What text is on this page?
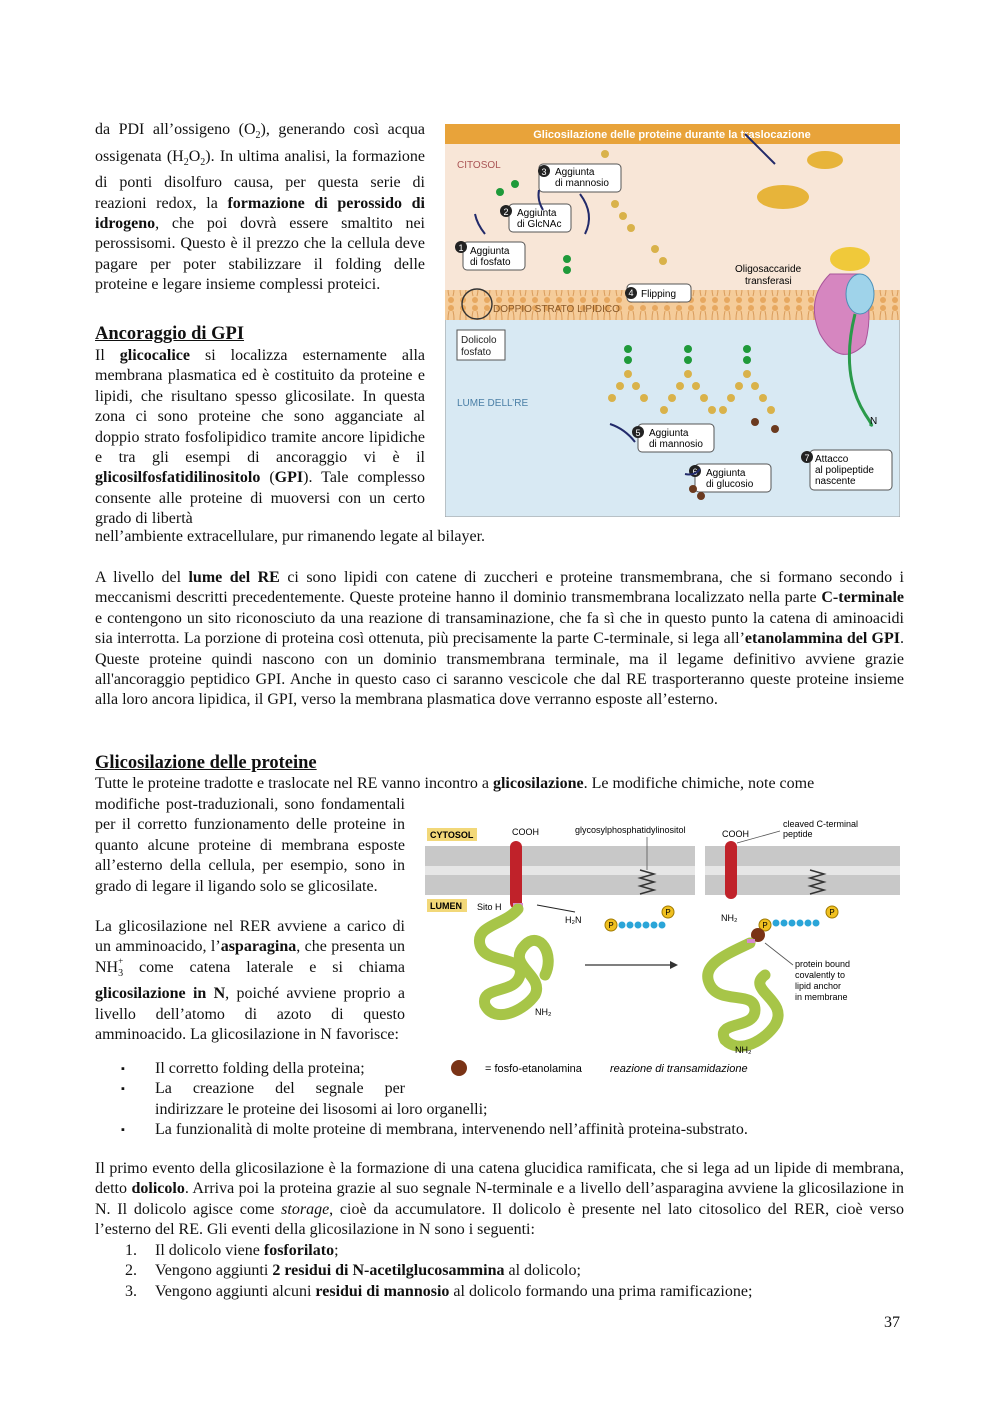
da PDI all’ossigeno $(O_2)$, generando così acqua ossigenata $(H_2O_2)$. In ultima analisi, la formazione di ponti disolfuro causa, per questa serie di reazioni redox, la formazione di perossido di idrogeno, che poi dovrà essere smaltito nei perossisomi. Questo è il prezzo che la cellula deve pagare per poter stabilizzare il folding delle proteine e legare insieme complessi proteici.
Ancoraggio di GPI
Il glicocalice si localizza esternamente alla membrana plasmatica ed è costituito da proteine e lipidi, che risultano spesso glicosilate. In questa zona ci sono proteine che sono agganciate al doppio strato fosfolipidico tramite ancore lipidiche e tra gli esempi di ancoraggio vi è il glicosilfosfatidilinositolo (GPI). Tale complesso consente alle proteine di muoversi con un certo grado di libertà
nell’ambiente extracellulare, pur rimanendo legate al bilayer.
A livello del lume del RE ci sono lipidi con catene di zuccheri e proteine transmembrana, che si formano secondo i meccanismi descritti precedentemente. Queste proteine hanno il dominio transmembrana localizzato nella parte C-terminale e contengono un sito riconosciuto da una reazione di transaminazione, che fa sì che in questo punto la catena di aminoacidi sia interrotta. La porzione di proteina così ottenuta, più precisamente la parte C-terminale, si lega all’etanolammina del GPI. Queste proteine quindi nascono con un dominio transmembrana terminale, ma il legame definitivo avviene grazie all'ancoraggio peptidico GPI. Anche in questo caso ci saranno vescicole che dal RE trasporteranno queste proteine insieme alla loro ancora lipidica, il GPI, verso la membrana plasmatica dove verranno esposte all’esterno.
Glicosilazione delle proteine
Tutte le proteine tradotte e traslocate nel RE vanno incontro a glicosilazione. Le modifiche chimiche, note come
modifiche post-traduzionali, sono fondamentali per il corretto funzionamento delle proteine in quanto alcune proteine di membrana esposte all’esterno della cellula, per esempio, sono in grado di legare il ligando solo se glicosilate.
La glicosilazione nel RER avviene a carico di un amminoacido, l’asparagina, che presenta un $NH_3$
+ come catena laterale e si chiama glicosilazione in N, poiché avviene proprio a livello dell’atomo di azoto di questo amminoacido. La glicosilazione in N favorisce:
▪ Il corretto folding della proteina;
▪ La creazione del segnale per
indirizzare le proteine dei lisosomi ai loro organelli;
▪ La funzionalità di molte proteine di membrana, intervenendo nell’affinità proteina-substrato.
Il primo evento della glicosilazione è la formazione di una catena glucidica ramificata, che si lega ad un lipide di membrana, detto dolicolo. Arriva poi la proteina grazie al suo segnale N-terminale e a livello dell’asparagina avviene la glicosilazione in N. Il dolicolo agisce come storage, cioè da accumulatore. Il dolicolo è presente nel lato citosolico del RER, cioè verso l’esterno del RE. Gli eventi della glicosilazione in N sono i seguenti:
1. Il dolicolo viene fosforilato;
2. Vengono aggiunti 2 residui di N-acetilglucosammina al dolicolo;
3. Vengono aggiunti alcuni residui di mannosio al dolicolo formando una prima ramificazione;
37
Glicosilazione delle proteine durante la traslocazione
CITOSOL
LUME DELL’RE
DOPPIO STRATO LIPIDICO
Dolicolo
fosfato
1 Aggiunta
di fosfato
2 Aggiunta
di GlcNAc
3 Aggiunta
di mannosio
4 Flipping
5 Aggiunta
di mannosio
6 Aggiunta
di glucosio
7 Attacco
al polipeptide
nascente
Oligosaccaride
transferasi
N
CYTOSOL
LUMEN
COOH	COOH
glycosylphosphatidylinositol
cleaved C-terminal
peptide
Sito H
P
P
H₂N
P
P
NH₂
NH₂
NH₂
protein bound
covalently to
lipid anchor
in membrane
= fosfo-etanolamina	reazione di transamidazione
